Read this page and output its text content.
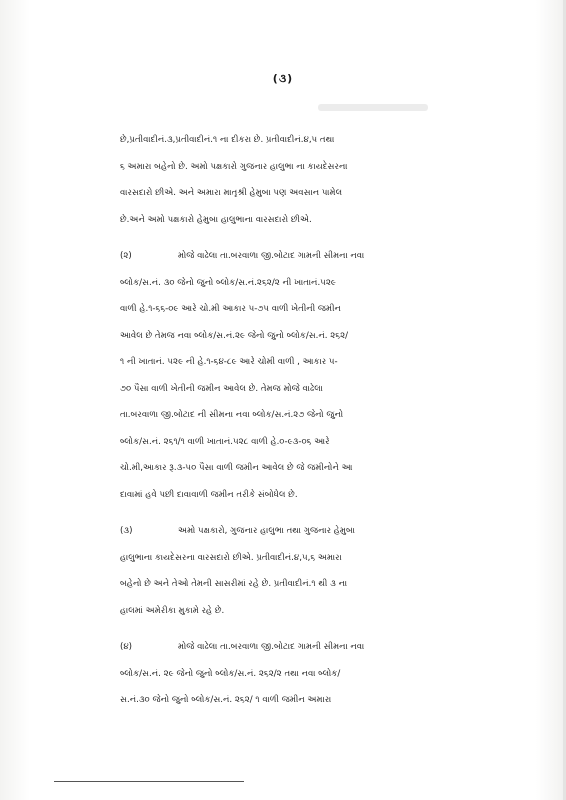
(૩)
છે,પ્રતીવાદીનં.૩,પ્રતીવાદીનં.૧ ના દીકરા છે. પ્રતીવાદીનં.૪,૫ તથા
૬ અમારા બહેનો છે. અમો પક્ષકારો ગુજનાર હાલુભા ના કાયદેસરના
વારસદારો છીએ. અને અમારા માતૃશ્રી હેમુબા પણ અવસાન પામેલ
છે.અને અમો પક્ષકારો હેમુબા હાલુભાના વારસદારો છીએ.
(૨)	મોજે વાઢેલા તા.બરવાળા જી.બોટાદ ગામની સીમના નવા
બ્લોક/સ.નં. ૩૦ જેનો જુનો બ્લોક/સ.નં.૨૬૨/૨ ની ખાતાનં.૫૨૯
વાળી હે.૧-૬૬-૦૯ આરે ચો.મી આકાર ૫-૭૫ વાળી ખેતીની જમીન
આવેલ છે તેમજ નવા બ્લોક/સ.નં.૨૯ જેનો જુનો બ્લોક/સ.નં. ૨૬૨/
૧ ની ખાતાનં. ૫૨૯ ની હે.૧-૬૪-૮૯ આરે ચોમી વાળી , આકાર ૫-
૭૦ પૈસા વાળી ખેતીની જમીન આવેલ છે. તેમજ મોજે વાઢેલા
તા.બરવાળા જી.બોટાદ ની સીમના નવા બ્લોક/સ.નં.૨૭ જેનો જુનો
બ્લોક/સ.નં. ૨૬૧/૧ વાળી ખાતાનં.૫૨૮ વાળી હે.૦-૯૩-૦૬ આરે
ચો.મી,આકાર રૂ.૩-૫૦ પૈસા વાળી જમીન આવેલ છે જે જમીનોને આ
દાવામાં હવે પછી દાવાવાળી જમીન તરીકે સંબોધેલ છે.
(૩)	અમો પક્ષકારો, ગુજનાર હાલુભા તથા ગુજનાર હેમુબા
હાલુભાના કાયદેસરના વારસદારો છીએ. પ્રતીવાદીનં.૪,૫,૬ અમારા
બહેનો છે અને તેઓ તેમની સાસરીમાં રહે છે. પ્રતીવાદીનં.૧ થી ૩ ના
હાલમાં અમેરીકા મુકામે રહે છે.
(૪)	મોજે વાઢેલા તા.બરવાળા જી.બોટાદ ગામની સીમના નવા
બ્લોક/સ.નં. ૨૯ જેનો જુનો બ્લોક/સ.નં. ૨૬૨/૨ તથા નવા બ્લોક/
સ.નં.૩૦ જેનો જુનો બ્લોક/સ.નં. ૨૬૨/ ૧ વાળી જમીન અમારા
